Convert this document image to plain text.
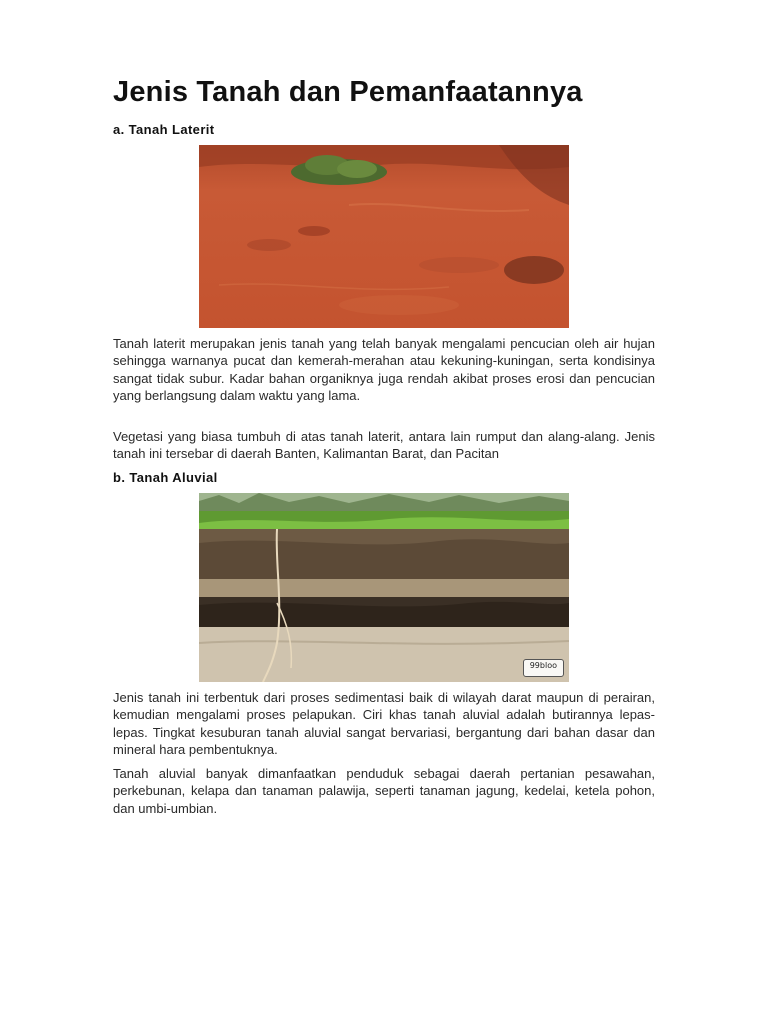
Jenis Tanah dan Pemanfaatannya
a. Tanah Laterit

Tanah laterit merupakan jenis tanah yang telah banyak mengalami pencucian oleh air hujan sehingga warnanya pucat dan kemerah-merahan atau kekuning-kuningan, serta kondisinya sangat tidak subur. Kadar bahan organiknya juga rendah akibat proses erosi dan pencucian yang berlangsung dalam waktu yang lama.

Vegetasi yang biasa tumbuh di atas tanah laterit, antara lain rumput dan alang-alang. Jenis tanah ini tersebar di daerah Banten, Kalimantan Barat, dan Pacitan

b. Tanah Aluvial
99bloo

Jenis tanah ini terbentuk dari proses sedimentasi baik di wilayah darat maupun di perairan, kemudian mengalami proses pelapukan. Ciri khas tanah aluvial adalah butirannya lepas-lepas. Tingkat kesuburan tanah aluvial sangat bervariasi, bergantung dari bahan dasar dan mineral hara pembentuknya.

Tanah aluvial banyak dimanfaatkan penduduk sebagai daerah pertanian pesawahan, perkebunan, kelapa dan tanaman palawija, seperti tanaman jagung, kedelai, ketela pohon, dan umbi-umbian.
